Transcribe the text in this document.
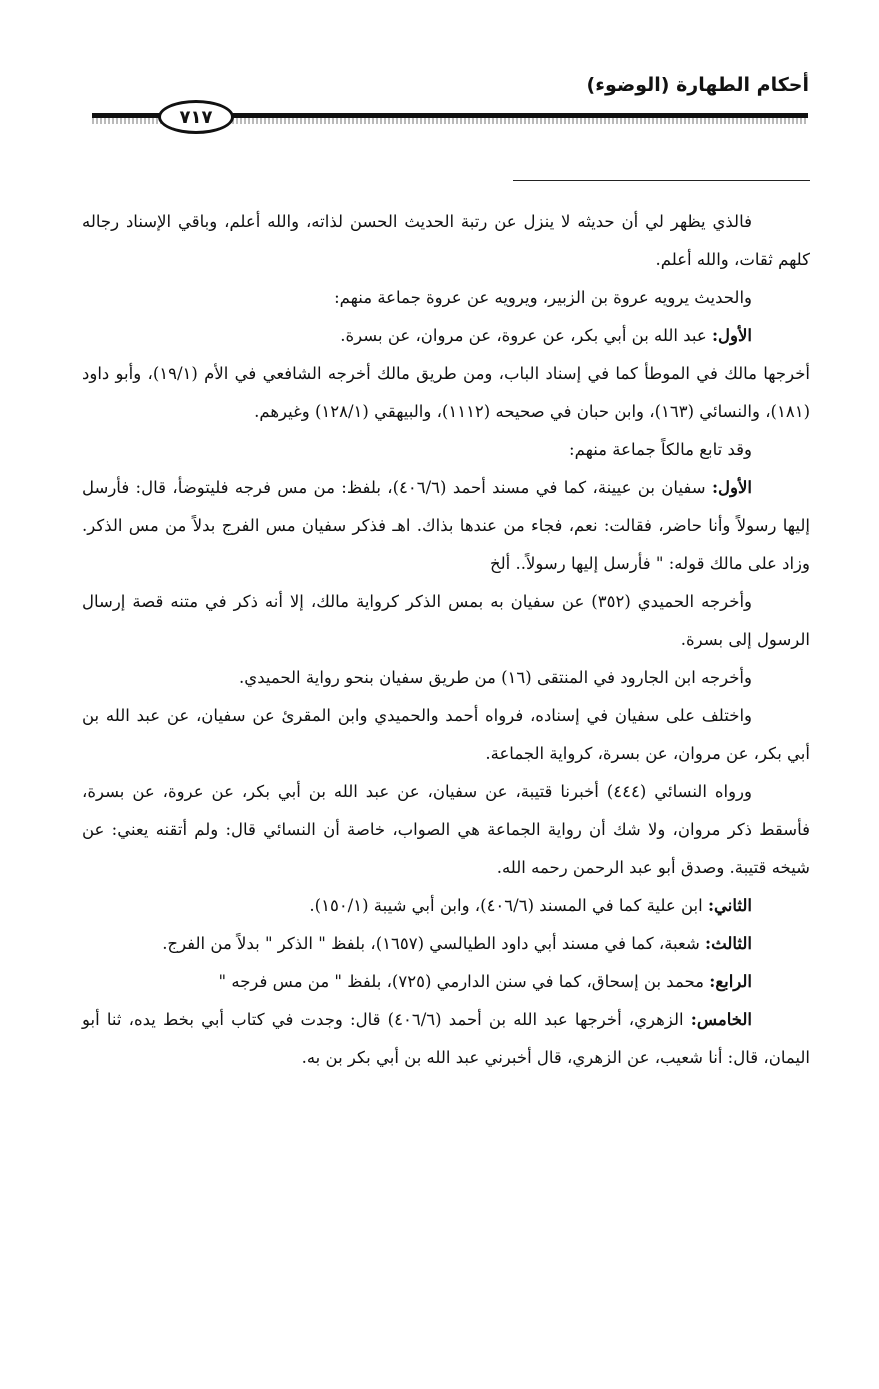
أحكام الطهارة (الوضوء)
٧١٧

فالذي يظهر لي أن حديثه لا ينزل عن رتبة الحديث الحسن لذاته، والله أعلم، وباقي الإسناد رجاله كلهم ثقات، والله أعلم.

والحديث يرويه عروة بن الزبير، ويرويه عن عروة جماعة منهم:

الأول: عبد الله بن أبي بكر، عن عروة، عن مروان، عن بسرة.

أخرجها مالك في الموطأ كما في إسناد الباب، ومن طريق مالك أخرجه الشافعي في الأم (١٩/١)، وأبو داود (١٨١)، والنسائي (١٦٣)، وابن حبان في صحيحه (١١١٢)، والبيهقي (١٢٨/١) وغيرهم.

وقد تابع مالكاً جماعة منهم:

الأول: سفيان بن عيينة، كما في مسند أحمد (٤٠٦/٦)، بلفظ: من مس فرجه فليتوضأ، قال: فأرسل إليها رسولاً وأنا حاضر، فقالت: نعم، فجاء من عندها بذاك. اهـ فذكر سفيان مس الفرج بدلاً من مس الذكر. وزاد على مالك قوله: " فأرسل إليها رسولاً.. ألخ

وأخرجه الحميدي (٣٥٢) عن سفيان به بمس الذكر كرواية مالك، إلا أنه ذكر في متنه قصة إرسال الرسول إلى بسرة.

وأخرجه ابن الجارود في المنتقى (١٦) من طريق سفيان بنحو رواية الحميدي.

واختلف على سفيان في إسناده، فرواه أحمد والحميدي وابن المقرئ عن سفيان، عن عبد الله بن أبي بكر، عن مروان، عن بسرة، كرواية الجماعة.

ورواه النسائي (٤٤٤) أخبرنا قتيبة، عن سفيان، عن عبد الله بن أبي بكر، عن عروة، عن بسرة، فأسقط ذكر مروان، ولا شك أن رواية الجماعة هي الصواب، خاصة أن النسائي قال: ولم أتقنه يعني: عن شيخه قتيبة. وصدق أبو عبد الرحمن رحمه الله.

الثاني: ابن علية كما في المسند (٤٠٦/٦)، وابن أبي شيبة (١٥٠/١).

الثالث: شعبة، كما في مسند أبي داود الطيالسي (١٦٥٧)، بلفظ " الذكر " بدلاً من الفرج.

الرابع: محمد بن إسحاق، كما في سنن الدارمي (٧٢٥)، بلفظ " من مس فرجه "

الخامس: الزهري، أخرجها عبد الله بن أحمد (٤٠٦/٦) قال: وجدت في كتاب أبي بخط يده، ثنا أبو اليمان، قال: أنا شعيب، عن الزهري، قال أخبرني عبد الله بن أبي بكر بن به.
